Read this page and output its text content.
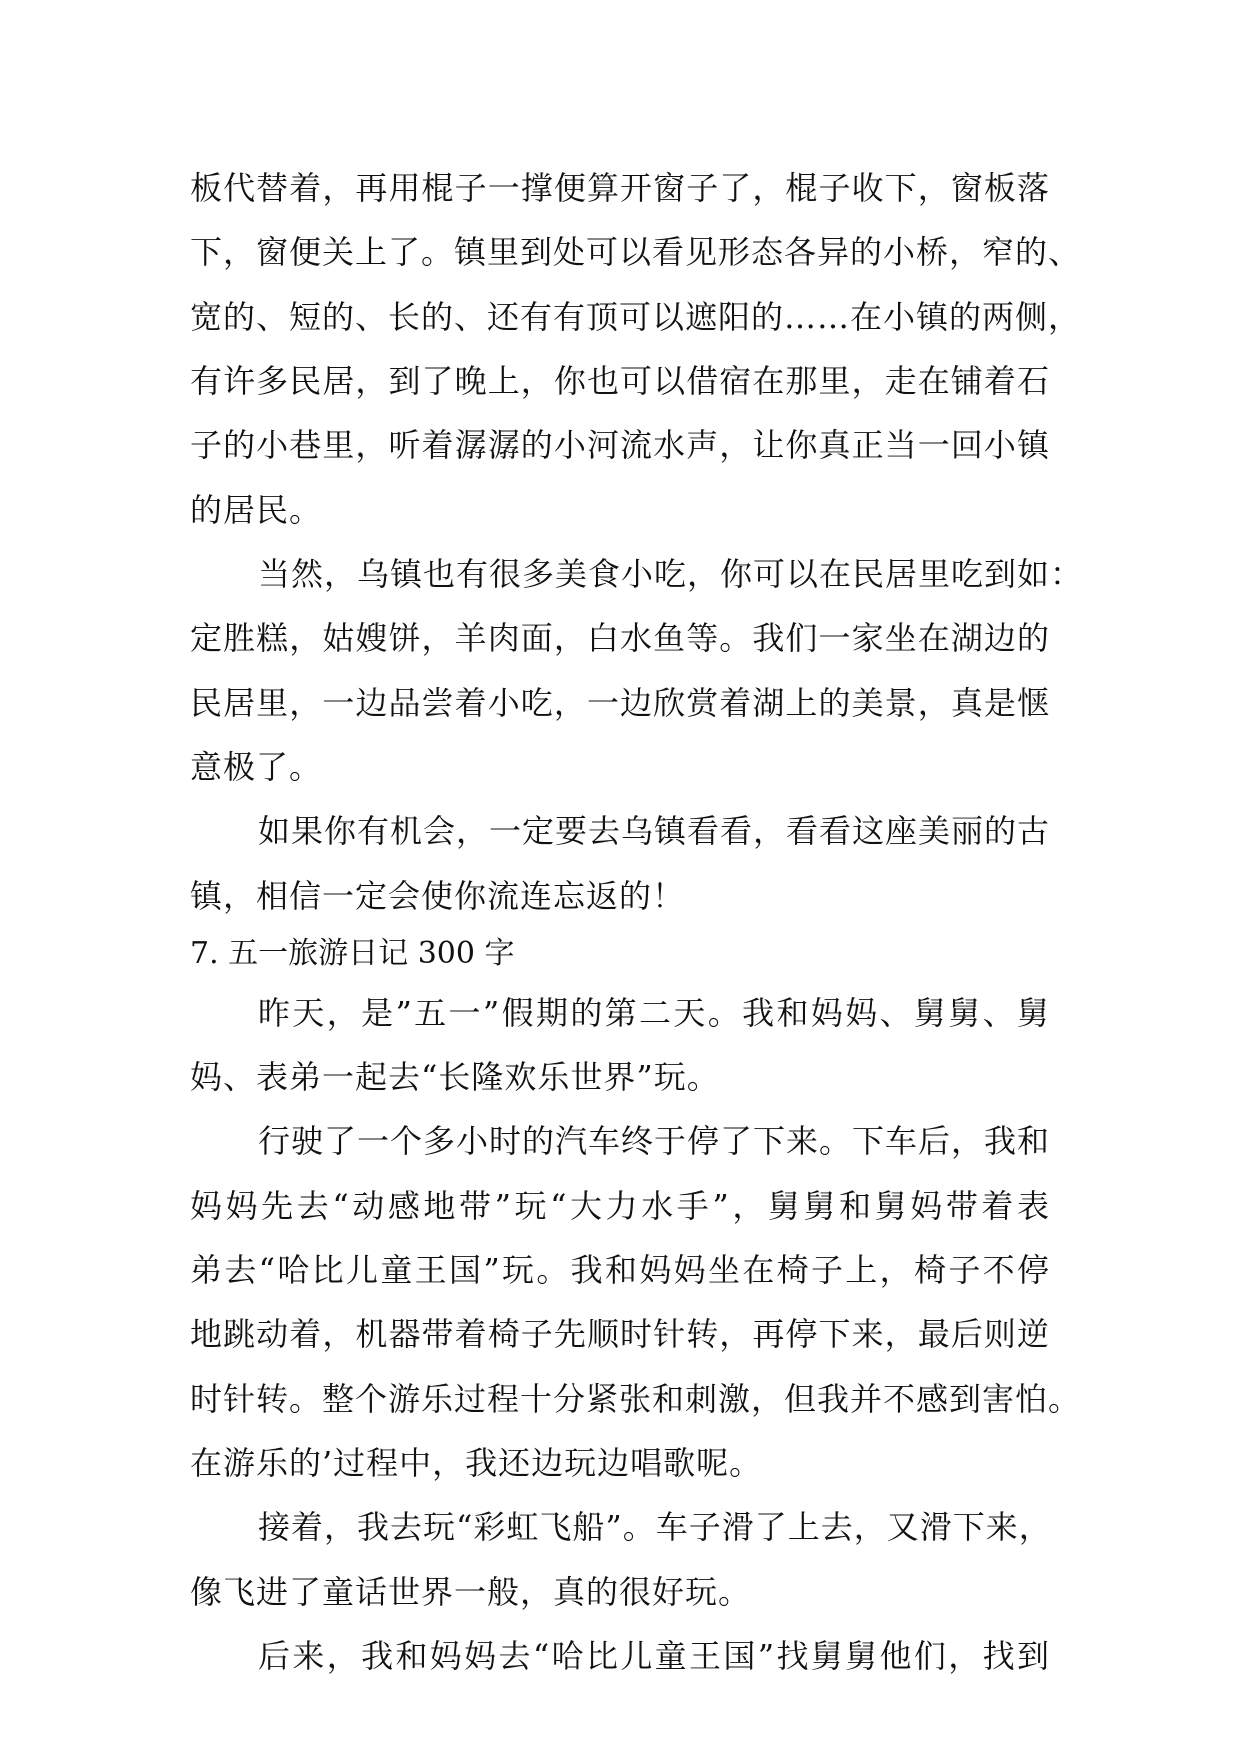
板代替着，再用棍子一撑便算开窗子了，棍子收下，窗板落
下，窗便关上了。镇里到处可以看见形态各异的小桥，窄的、
宽的、短的、长的、还有有顶可以遮阳的……在小镇的两侧，
有许多民居，到了晚上，你也可以借宿在那里，走在铺着石
子的小巷里，听着潺潺的小河流水声，让你真正当一回小镇
的居民。
当然，乌镇也有很多美食小吃，你可以在民居里吃到如：
定胜糕，姑嫂饼，羊肉面，白水鱼等。我们一家坐在湖边的
民居里，一边品尝着小吃，一边欣赏着湖上的美景，真是惬
意极了。
如果你有机会，一定要去乌镇看看，看看这座美丽的古
镇，相信一定会使你流连忘返的！
7. 五一旅游日记 300 字
昨天，是”五一”假期的第二天。我和妈妈、舅舅、舅
妈、表弟一起去“长隆欢乐世界”玩。
行驶了一个多小时的汽车终于停了下来。下车后，我和
妈妈先去“动感地带”玩“大力水手”，舅舅和舅妈带着表
弟去“哈比儿童王国”玩。我和妈妈坐在椅子上，椅子不停
地跳动着，机器带着椅子先顺时针转，再停下来，最后则逆
时针转。整个游乐过程十分紧张和刺激，但我并不感到害怕。
在游乐的’过程中，我还边玩边唱歌呢。
接着，我去玩“彩虹飞船”。车子滑了上去，又滑下来，
像飞进了童话世界一般，真的很好玩。
后来，我和妈妈去“哈比儿童王国”找舅舅他们，找到
